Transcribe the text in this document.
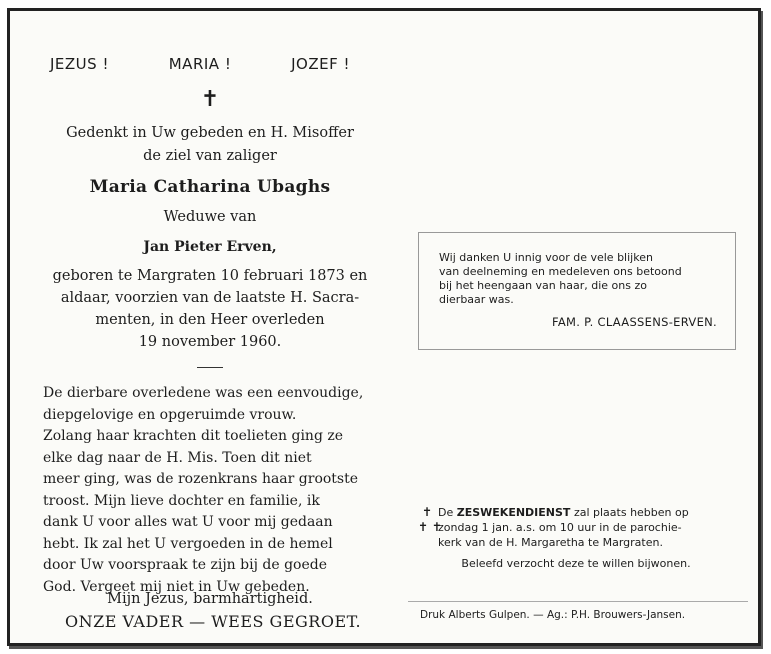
JEZUS !	MARIA !	JOZEF !
✝
Gedenkt in Uw gebeden en H. Misoffer
de ziel van zaliger
Maria Catharina Ubaghs
Weduwe van
Jan Pieter Erven,
geboren te Margraten 10 februari 1873 en
aldaar, voorzien van de laatste H. Sacra-
menten, in den Heer overleden
19 november 1960.

De dierbare overledene was een eenvoudige,

diepgelovige en opgeruimde vrouw.

Zolang haar krachten dit toelieten ging ze

elke dag naar de H. Mis. Toen dit niet

meer ging, was de rozenkrans haar grootste

troost. Mijn lieve dochter en familie, ik

dank U voor alles wat U voor mij gedaan

hebt. Ik zal het U vergoeden in de hemel

door Uw voorspraak te zijn bij de goede

God. Vergeet mij niet in Uw gebeden.

Mijn Jezus, barmhartigheid.
ONZE VADER — WEES GEGROET.
Wij danken U innig voor de vele blijken
van deelneming en medeleven ons betoond
bij het heengaan van haar, die ons zo
dierbaar was.
FAM. P. CLAASSENS-ERVEN.
✝ De ZESWEKENDIENST zal plaats hebben op
✝ ✝
zondag 1 jan. a.s. om 10 uur in de parochie-
kerk van de H. Margaretha te Margraten.
Beleefd verzocht deze te willen bijwonen.
Druk Alberts Gulpen. — Ag.: P.H. Brouwers-Jansen.
